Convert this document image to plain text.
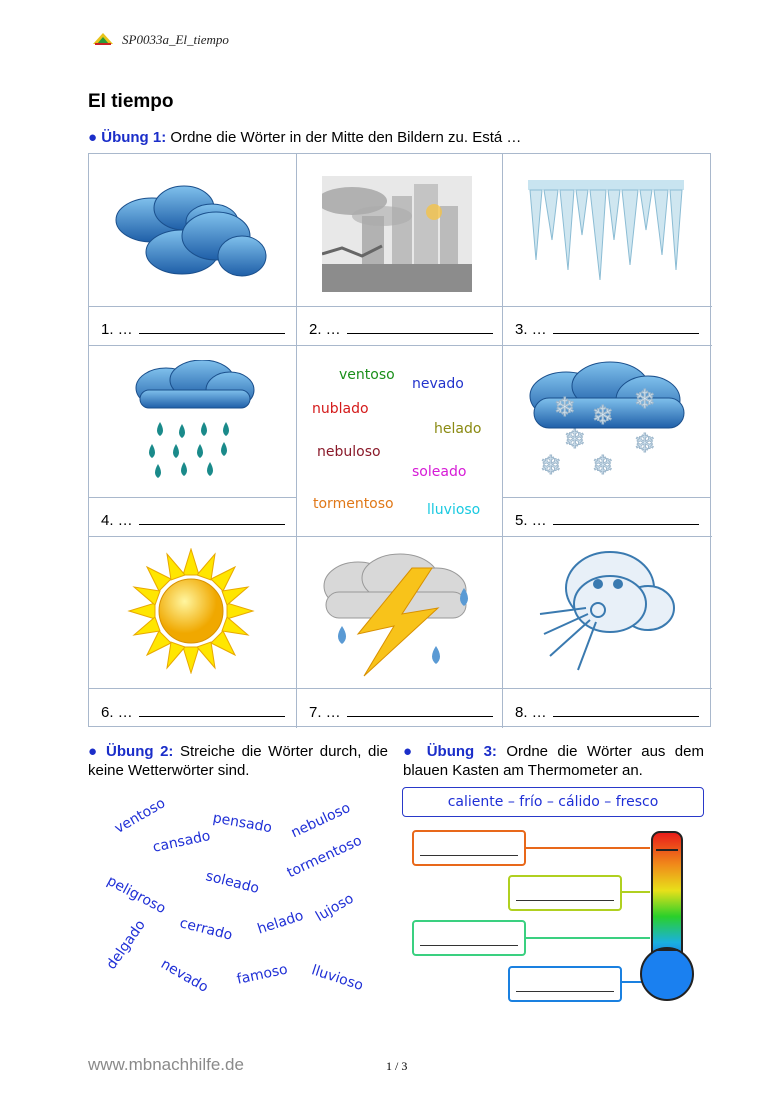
SP0033a_El_tiempo
El tiempo
● Übung 1: Ordne die Wörter in der Mitte den Bildern zu. Está …
1. …	2. …	3. …
4. …	5. …
6. …	7. …	8. …
ventoso
nevado
nublado
helado
nebuloso
soleado
tormentoso lluvioso
❄ ❄
❄
❄ ❄
❄ ❄
● Übung 2: Streiche die Wörter durch, die keine Wetterwörter sind.
ventoso	pensado nebuloso
cansado	tormentoso
peligroso	soleado
cerrado helado lujoso
delgado
nevado famoso lluvioso
● Übung 3: Ordne die Wörter aus dem blauen Kasten am Thermometer an.
caliente – frío – cálido – fresco
www.mbnachhilfe.de	1 / 3
